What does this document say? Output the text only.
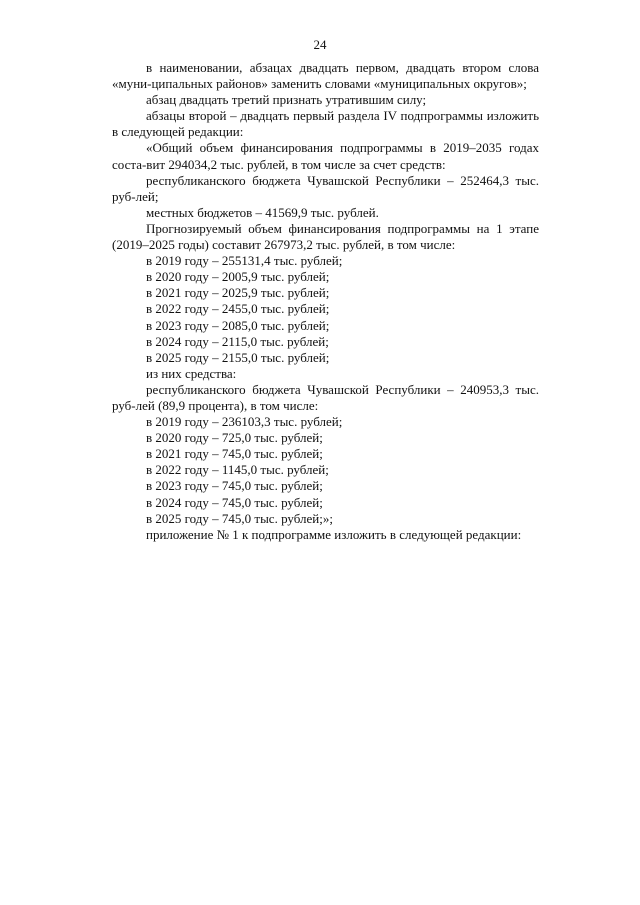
24

в наименовании, абзацах двадцать первом, двадцать втором слова «муни-ципальных районов» заменить словами «муниципальных округов»;

абзац двадцать третий признать утратившим силу;

абзацы второй – двадцать первый раздела IV подпрограммы изложить в следующей редакции:

«Общий объем финансирования подпрограммы в 2019–2035 годах соста-вит 294034,2 тыс. рублей, в том числе за счет средств:

республиканского бюджета Чувашской Республики – 252464,3 тыс. руб-лей;

местных бюджетов – 41569,9 тыс. рублей.

Прогнозируемый объем финансирования подпрограммы на 1 этапе (2019–2025 годы) составит 267973,2 тыс. рублей, в том числе:

в 2019 году – 255131,4 тыс. рублей;

в 2020 году – 2005,9 тыс. рублей;

в 2021 году – 2025,9 тыс. рублей;

в 2022 году – 2455,0 тыс. рублей;

в 2023 году – 2085,0 тыс. рублей;

в 2024 году – 2115,0 тыс. рублей;

в 2025 году – 2155,0 тыс. рублей;

из них средства:

республиканского бюджета Чувашской Республики – 240953,3 тыс. руб-лей (89,9 процента), в том числе:

в 2019 году – 236103,3 тыс. рублей;

в 2020 году – 725,0 тыс. рублей;

в 2021 году – 745,0 тыс. рублей;

в 2022 году – 1145,0 тыс. рублей;

в 2023 году – 745,0 тыс. рублей;

в 2024 году – 745,0 тыс. рублей;

в 2025 году – 745,0 тыс. рублей;»;

приложение № 1 к подпрограмме изложить в следующей редакции:
